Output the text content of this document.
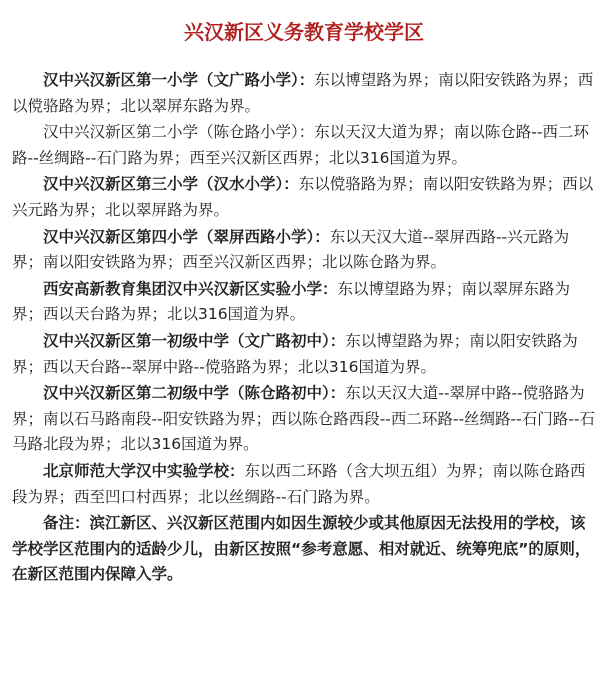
兴汉新区义务教育学校学区
汉中兴汉新区第一小学（文广路小学）：东以博望路为界；南以阳安铁路为界；西以傥骆路为界；北以翠屏东路为界。
汉中兴汉新区第二小学（陈仓路小学）：东以天汉大道为界；南以陈仓路--西二环路--丝绸路--石门路为界；西至兴汉新区西界；北以316国道为界。
汉中兴汉新区第三小学（汉水小学）：东以傥骆路为界；南以阳安铁路为界；西以兴元路为界；北以翠屏路为界。
汉中兴汉新区第四小学（翠屏西路小学）：东以天汉大道--翠屏西路--兴元路为界；南以阳安铁路为界；西至兴汉新区西界；北以陈仓路为界。
西安高新教育集团汉中兴汉新区实验小学：东以博望路为界；南以翠屏东路为界；西以天台路为界；北以316国道为界。
汉中兴汉新区第一初级中学（文广路初中）：东以博望路为界；南以阳安铁路为界；西以天台路--翠屏中路--傥骆路为界；北以316国道为界。
汉中兴汉新区第二初级中学（陈仓路初中）：东以天汉大道--翠屏中路--傥骆路为界；南以石马路南段--阳安铁路为界；西以陈仓路西段--西二环路--丝绸路--石门路--石马路北段为界；北以316国道为界。
北京师范大学汉中实验学校：东以西二环路（含大坝五组）为界；南以陈仓路西段为界；西至凹口村西界；北以丝绸路--石门路为界。
备注：滨江新区、兴汉新区范围内如因生源较少或其他原因无法投用的学校，该学校学区范围内的适龄少儿，由新区按照“参考意愿、相对就近、统筹兜底”的原则，在新区范围内保障入学。
